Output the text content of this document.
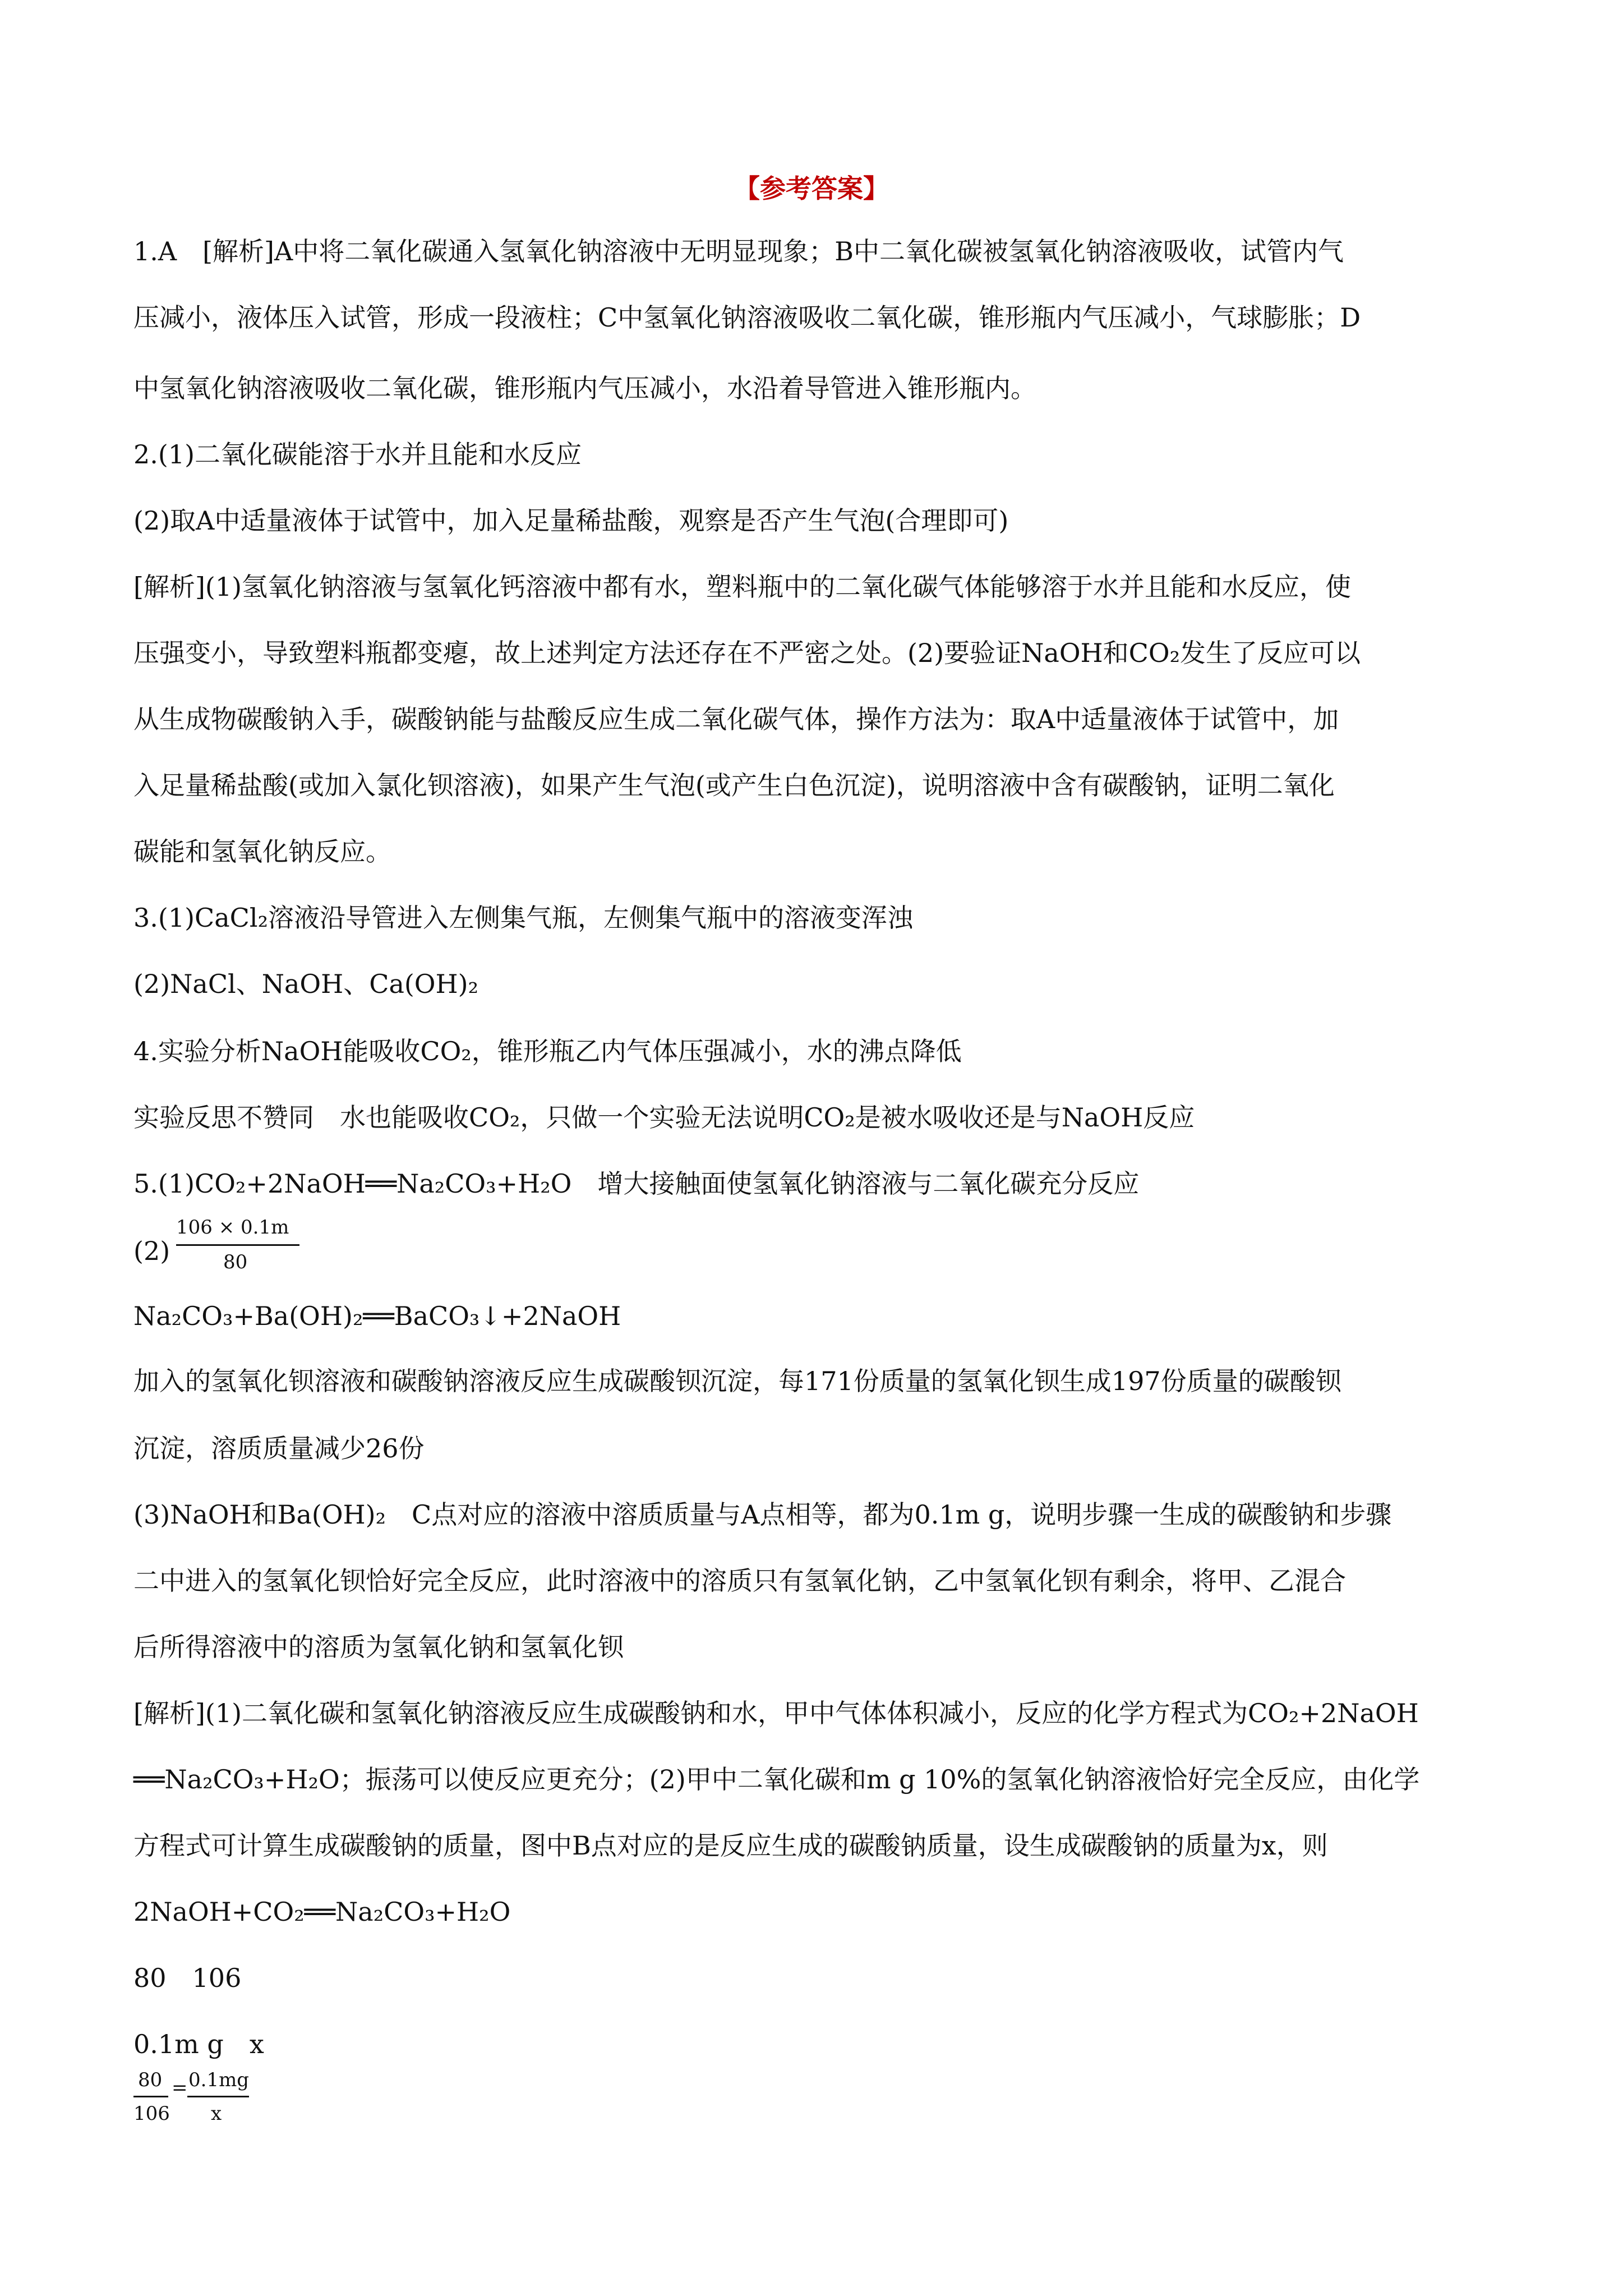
【参考答案】
1.A　[解析]A中将二氧化碳通入氢氧化钠溶液中无明显现象；B中二氧化碳被氢氧化钠溶液吸收，试管内气
压减小，液体压入试管，形成一段液柱；C中氢氧化钠溶液吸收二氧化碳，锥形瓶内气压减小，气球膨胀；D
中氢氧化钠溶液吸收二氧化碳，锥形瓶内气压减小，水沿着导管进入锥形瓶内。
2.(1)二氧化碳能溶于水并且能和水反应
(2)取A中适量液体于试管中，加入足量稀盐酸，观察是否产生气泡(合理即可)
[解析](1)氢氧化钠溶液与氢氧化钙溶液中都有水，塑料瓶中的二氧化碳气体能够溶于水并且能和水反应，使
压强变小，导致塑料瓶都变瘪，故上述判定方法还存在不严密之处。(2)要验证NaOH和CO₂发生了反应可以
从生成物碳酸钠入手，碳酸钠能与盐酸反应生成二氧化碳气体，操作方法为：取A中适量液体于试管中，加
入足量稀盐酸(或加入氯化钡溶液)，如果产生气泡(或产生白色沉淀)，说明溶液中含有碳酸钠，证明二氧化
碳能和氢氧化钠反应。
3.(1)CaCl₂溶液沿导管进入左侧集气瓶，左侧集气瓶中的溶液变浑浊
(2)NaCl、NaOH、Ca(OH)₂
4.实验分析NaOH能吸收CO₂，锥形瓶乙内气体压强减小，水的沸点降低
实验反思不赞同　水也能吸收CO₂，只做一个实验无法说明CO₂是被水吸收还是与NaOH反应
5.(1)CO₂+2NaOH══Na₂CO₃+H₂O　增大接触面使氢氧化钠溶液与二氧化碳充分反应
(2)
106 × 0.1m
80
Na₂CO₃+Ba(OH)₂══BaCO₃↓+2NaOH
加入的氢氧化钡溶液和碳酸钠溶液反应生成碳酸钡沉淀，每171份质量的氢氧化钡生成197份质量的碳酸钡
沉淀，溶质质量减少26份
(3)NaOH和Ba(OH)₂　C点对应的溶液中溶质质量与A点相等，都为0.1m g，说明步骤一生成的碳酸钠和步骤
二中进入的氢氧化钡恰好完全反应，此时溶液中的溶质只有氢氧化钠，乙中氢氧化钡有剩余，将甲、乙混合
后所得溶液中的溶质为氢氧化钠和氢氧化钡
[解析](1)二氧化碳和氢氧化钠溶液反应生成碳酸钠和水，甲中气体体积减小，反应的化学方程式为CO₂+2NaOH
══Na₂CO₃+H₂O；振荡可以使反应更充分；(2)甲中二氧化碳和m g 10%的氢氧化钠溶液恰好完全反应，由化学
方程式可计算生成碳酸钠的质量，图中B点对应的是反应生成的碳酸钠质量，设生成碳酸钠的质量为x，则
2NaOH+CO₂══Na₂CO₃+H₂O
80　106
0.1m g　x
80
106
= 0.1mg
x
